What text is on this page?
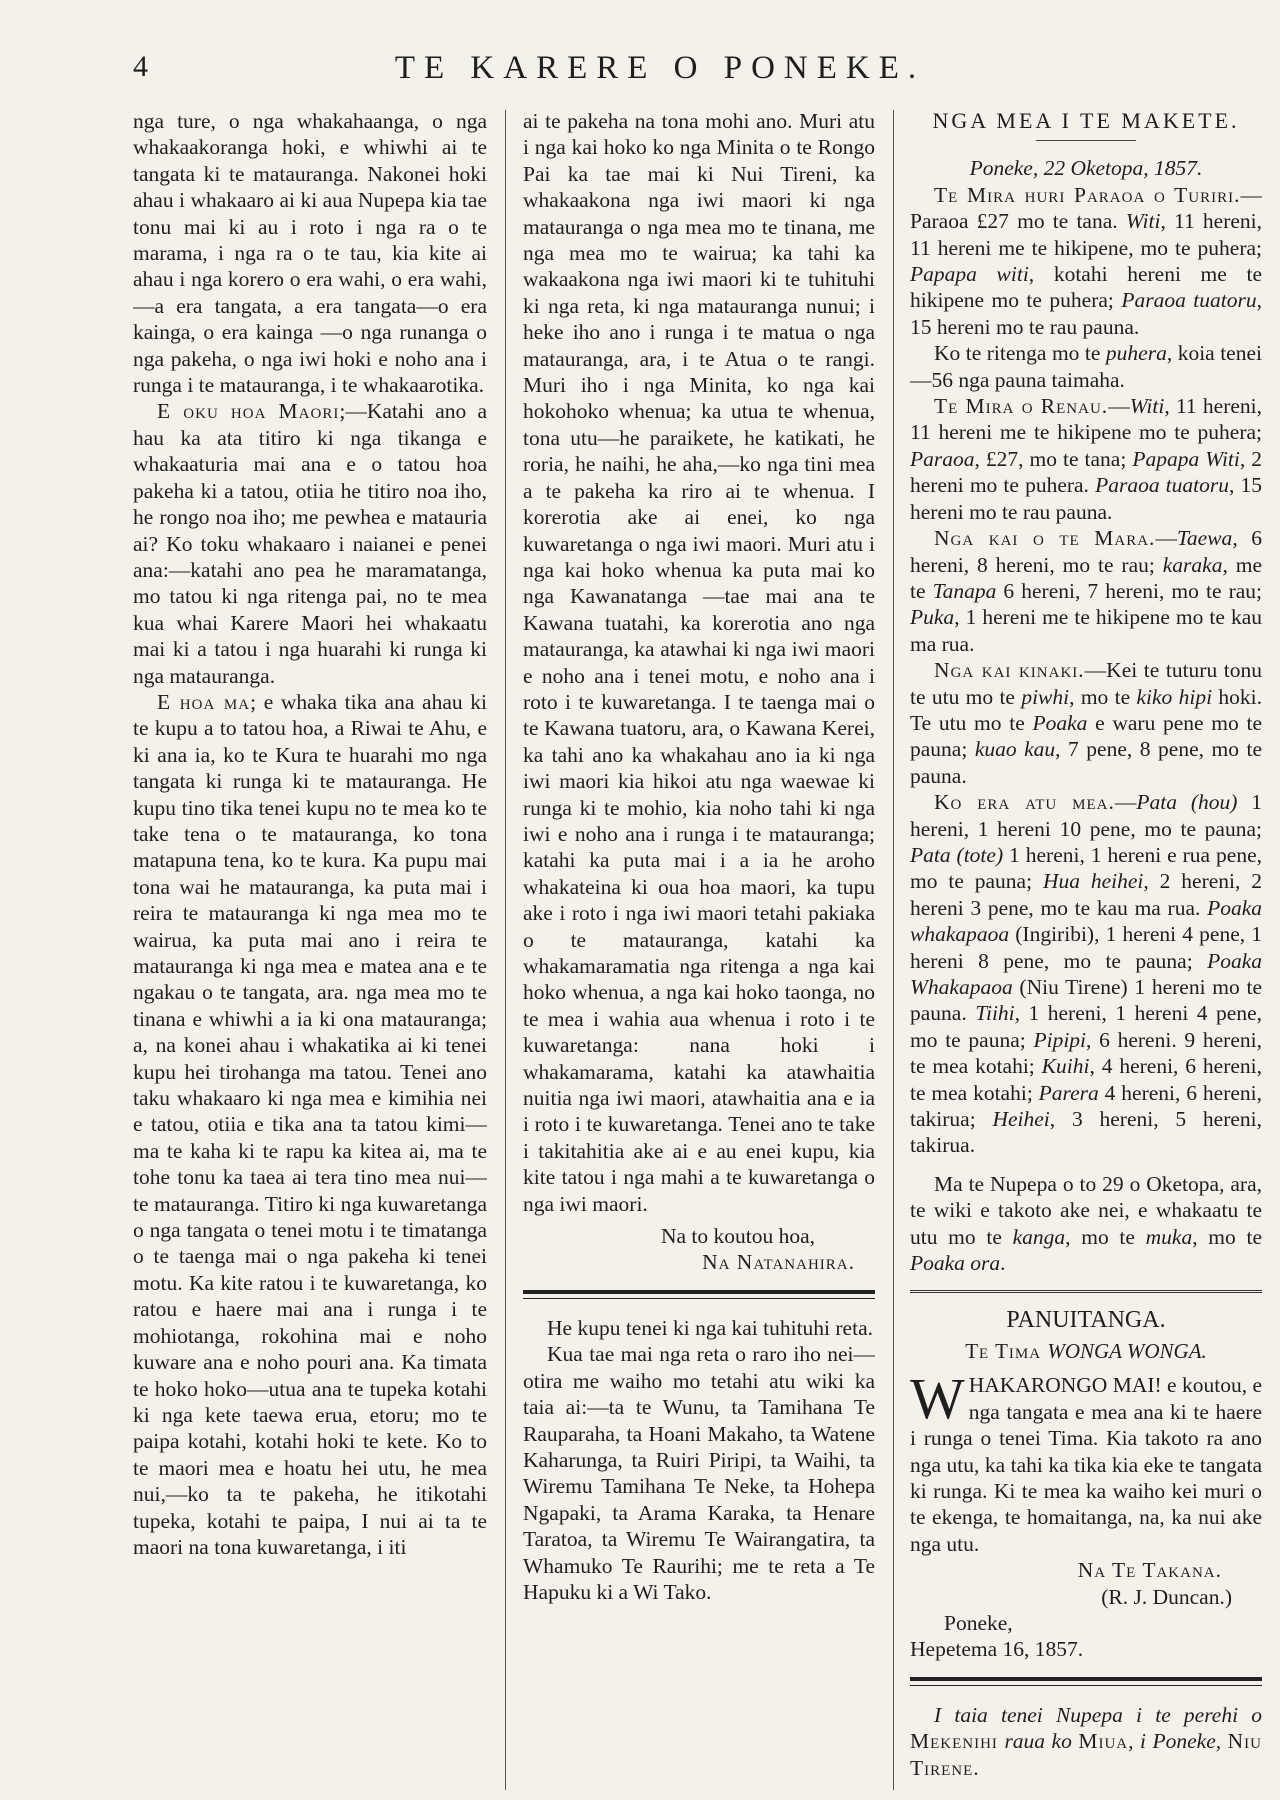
4	TE KARERE O PONEKE.

nga ture, o nga whakahaanga, o nga whakaakoranga hoki, e whiwhi ai te tangata ki te matauranga. Nakonei hoki ahau i whakaaro ai ki aua Nupepa kia tae tonu mai ki au i roto i nga ra o te marama, i nga ra o te tau, kia kite ai ahau i nga korero o era wahi, o era wahi,—a era tangata, a era tangata—o era kainga, o era kainga —o nga runanga o nga pakeha, o nga iwi hoki e noho ana i runga i te matauranga, i te whakaarotika.

E oku hoa Maori;—Katahi ano a hau ka ata titiro ki nga tikanga e whakaaturia mai ana e o tatou hoa pakeha ki a tatou, otiia he titiro noa iho, he rongo noa iho; me pewhea e matauria ai? Ko toku whakaaro i naianei e penei ana:—katahi ano pea he maramatanga, mo tatou ki nga ritenga pai, no te mea kua whai Karere Maori hei whakaatu mai ki a tatou i nga huarahi ki runga ki nga matauranga.

E hoa ma; e whaka tika ana ahau ki te kupu a to tatou hoa, a Riwai te Ahu, e ki ana ia, ko te Kura te huarahi mo nga tangata ki runga ki te matauranga. He kupu tino tika tenei kupu no te mea ko te take tena o te matauranga, ko tona matapuna tena, ko te kura. Ka pupu mai tona wai he matauranga, ka puta mai i reira te matauranga ki nga mea mo te wairua, ka puta mai ano i reira te matauranga ki nga mea e matea ana e te ngakau o te tangata, ara. nga mea mo te tinana e whiwhi a ia ki ona matauranga; a, na konei ahau i whakatika ai ki tenei kupu hei tirohanga ma tatou. Tenei ano taku whakaaro ki nga mea e kimihia nei e tatou, otiia e tika ana ta tatou kimi—ma te kaha ki te rapu ka kitea ai, ma te tohe tonu ka taea ai tera tino mea nui—te matauranga. Titiro ki nga kuwaretanga o nga tangata o tenei motu i te timatanga o te taenga mai o nga pakeha ki tenei motu. Ka kite ratou i te kuwaretanga, ko ratou e haere mai ana i runga i te mohiotanga, rokohina mai e noho kuware ana e noho pouri ana. Ka timata te hoko hoko—utua ana te tupeka kotahi ki nga kete taewa erua, etoru; mo te paipa kotahi, kotahi hoki te kete. Ko to te maori mea e hoatu hei utu, he mea nui,—ko ta te pakeha, he itikotahi tupeka, kotahi te paipa, I nui ai ta te maori na tona kuwaretanga, i iti

ai te pakeha na tona mohi ano. Muri atu i nga kai hoko ko nga Minita o te Rongo Pai ka tae mai ki Nui Tireni, ka whakaakona nga iwi maori ki nga matauranga o nga mea mo te tinana, me nga mea mo te wairua; ka tahi ka wakaakona nga iwi maori ki te tuhituhi ki nga reta, ki nga matauranga nunui; i heke iho ano i runga i te matua o nga matauranga, ara, i te Atua o te rangi. Muri iho i nga Minita, ko nga kai hokohoko whenua; ka utua te whenua, tona utu—he paraikete, he katikati, he roria, he naihi, he aha,—ko nga tini mea a te pakeha ka riro ai te whenua. I korerotia ake ai enei, ko nga kuwaretanga o nga iwi maori. Muri atu i nga kai hoko whenua ka puta mai ko nga Kawanatanga —tae mai ana te Kawana tuatahi, ka korerotia ano nga matauranga, ka atawhai ki nga iwi maori e noho ana i tenei motu, e noho ana i roto i te kuwaretanga. I te taenga mai o te Kawana tuatoru, ara, o Kawana Kerei, ka tahi ano ka whakahau ano ia ki nga iwi maori kia hikoi atu nga waewae ki runga ki te mohio, kia noho tahi ki nga iwi e noho ana i runga i te matauranga; katahi ka puta mai i a ia he aroho whakateina ki oua hoa maori, ka tupu ake i roto i nga iwi maori tetahi pakiaka o te matauranga, katahi ka whakamaramatia nga ritenga a nga kai hoko whenua, a nga kai hoko taonga, no te mea i wahia aua whenua i roto i te kuwaretanga: nana hoki i whakamarama, katahi ka atawhaitia nuitia nga iwi maori, atawhaitia ana e ia i roto i te kuwaretanga. Tenei ano te take i takitahitia ake ai e au enei kupu, kia kite tatou i nga mahi a te kuwaretanga o nga iwi maori.

Na to koutou hoa,

Na Natanahira.

He kupu tenei ki nga kai tuhituhi reta.

Kua tae mai nga reta o raro iho nei—otira me waiho mo tetahi atu wiki ka taia ai:—ta te Wunu, ta Tamihana Te Rauparaha, ta Hoani Makaho, ta Watene Kaharunga, ta Ruiri Piripi, ta Waihi, ta Wiremu Tamihana Te Neke, ta Hohepa Ngapaki, ta Arama Karaka, ta Henare Taratoa, ta Wiremu Te Wairangatira, ta Whamuko Te Raurihi; me te reta a Te Hapuku ki a Wi Tako.

NGA MEA I TE MAKETE.

Poneke, 22 Oketopa, 1857.

Te Mira huri Paraoa o Turiri.—Paraoa £27 mo te tana. Witi, 11 hereni, 11 hereni me te hikipene, mo te puhera; Papapa witi, kotahi hereni me te hikipene mo te puhera; Paraoa tuatoru, 15 hereni mo te rau pauna.

Ko te ritenga mo te puhera, koia tenei—56 nga pauna taimaha.

Te Mira o Renau.—Witi, 11 hereni, 11 hereni me te hikipene mo te puhera; Paraoa, £27, mo te tana; Papapa Witi, 2 hereni mo te puhera. Paraoa tuatoru, 15 hereni mo te rau pauna.

Nga kai o te Mara.—Taewa, 6 hereni, 8 hereni, mo te rau; karaka, me te Tanapa 6 hereni, 7 hereni, mo te rau; Puka, 1 hereni me te hikipene mo te kau ma rua.

Nga kai kinaki.—Kei te tuturu tonu te utu mo te piwhi, mo te kiko hipi hoki. Te utu mo te Poaka e waru pene mo te pauna; kuao kau, 7 pene, 8 pene, mo te pauna.

Ko era atu mea.—Pata (hou) 1 hereni, 1 hereni 10 pene, mo te pauna; Pata (tote) 1 hereni, 1 hereni e rua pene, mo te pauna; Hua heihei, 2 hereni, 2 hereni 3 pene, mo te kau ma rua. Poaka whakapaoa (Ingiribi), 1 hereni 4 pene, 1 hereni 8 pene, mo te pauna; Poaka Whakapaoa (Niu Tirene) 1 hereni mo te pauna. Tiihi, 1 hereni, 1 hereni 4 pene, mo te pauna; Pipipi, 6 hereni. 9 hereni, te mea kotahi; Kuihi, 4 hereni, 6 hereni, te mea kotahi; Parera 4 hereni, 6 hereni, takirua; Heihei, 3 hereni, 5 hereni, takirua.

Ma te Nupepa o to 29 o Oketopa, ara, te wiki e takoto ake nei, e whakaatu te utu mo te kanga, mo te muka, mo te Poaka ora.

PANUITANGA.
Te Tima WONGA WONGA.

WHAKARONGO MAI! e koutou, e nga tangata e mea ana ki te haere i runga o tenei Tima. Kia takoto ra ano nga utu, ka tahi ka tika kia eke te tangata ki runga. Ki te mea ka waiho kei muri o te ekenga, te homaitanga, na, ka nui ake nga utu.

Na Te Takana.

(R. J. Duncan.)

Poneke,

Hepetema 16, 1857.

I taia tenei Nupepa i te perehi o Mekenihi raua ko Miua, i Poneke, Niu Tirene.
